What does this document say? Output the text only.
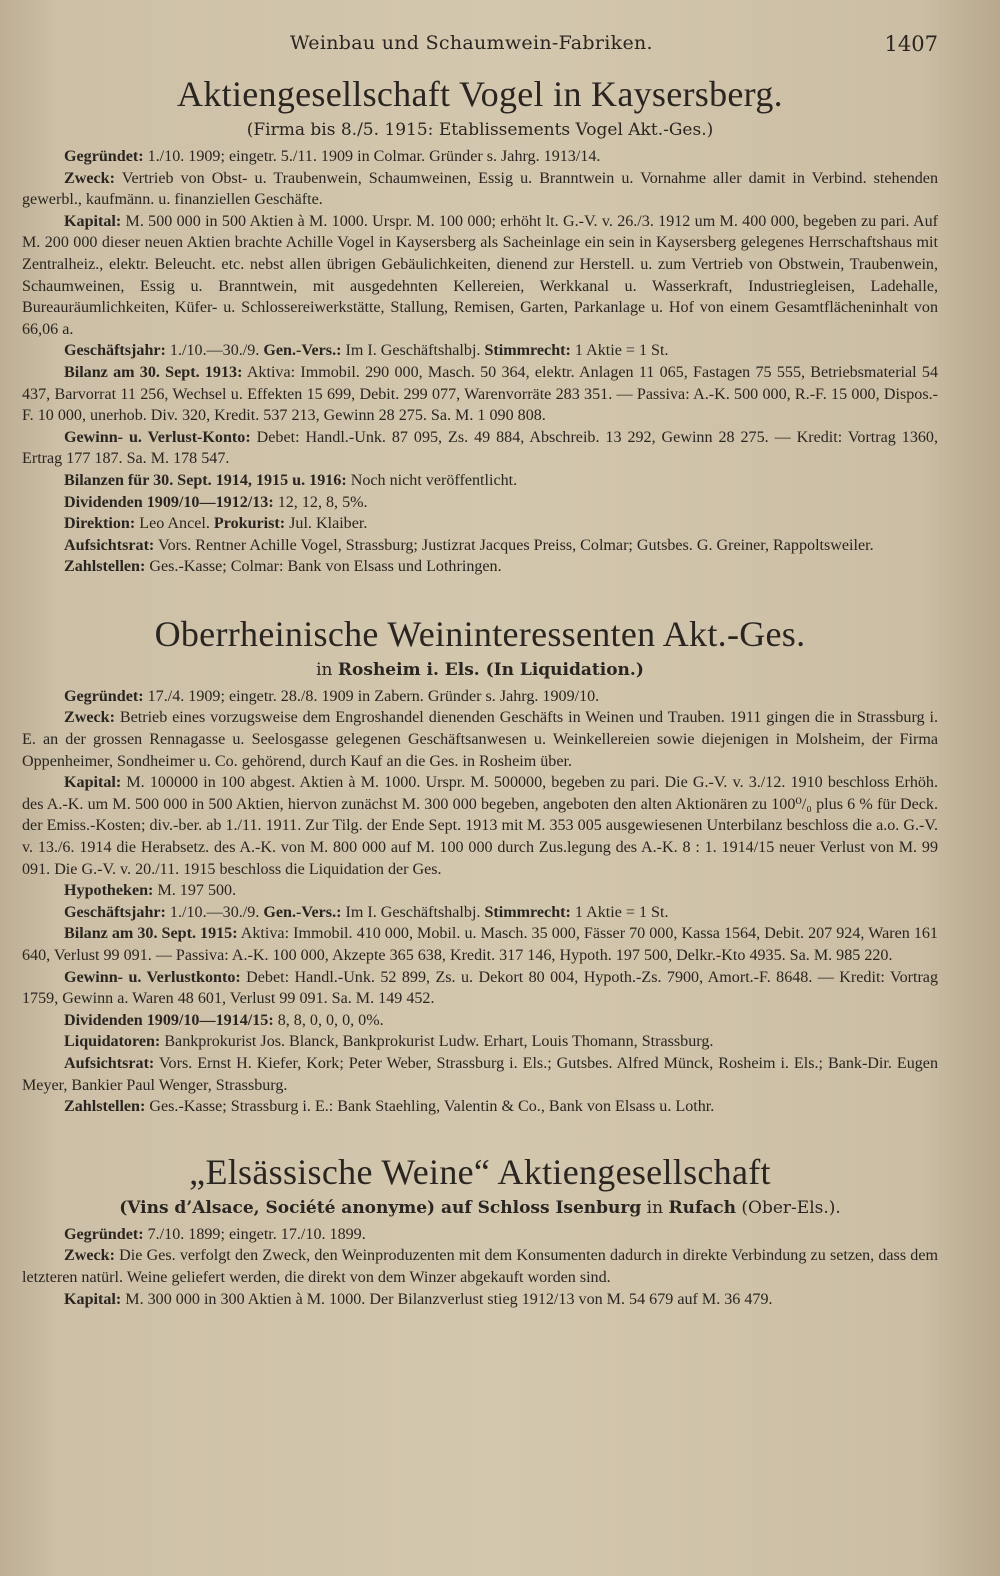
Weinbau und Schaumwein-Fabriken.	1407
Aktiengesellschaft Vogel in Kaysersberg.
(Firma bis 8./5. 1915: Etablissements Vogel Akt.-Ges.)

Gegründet: 1./10. 1909; eingetr. 5./11. 1909 in Colmar. Gründer s. Jahrg. 1913/14.

Zweck: Vertrieb von Obst- u. Traubenwein, Schaumweinen, Essig u. Branntwein u. Vornahme aller damit in Verbind. stehenden gewerbl., kaufmänn. u. finanziellen Geschäfte.

Kapital: M. 500 000 in 500 Aktien à M. 1000. Urspr. M. 100 000; erhöht lt. G.-V. v. 26./3. 1912 um M. 400 000, begeben zu pari. Auf M. 200 000 dieser neuen Aktien brachte Achille Vogel in Kaysersberg als Sacheinlage ein sein in Kaysersberg gelegenes Herrschaftshaus mit Zentralheiz., elektr. Beleucht. etc. nebst allen übrigen Gebäulichkeiten, dienend zur Herstell. u. zum Vertrieb von Obstwein, Traubenwein, Schaumweinen, Essig u. Branntwein, mit ausgedehnten Kellereien, Werkkanal u. Wasserkraft, Industriegleisen, Ladehalle, Bureauräumlichkeiten, Küfer- u. Schlossereiwerkstätte, Stallung, Remisen, Garten, Parkanlage u. Hof von einem Gesamtflächeninhalt von 66,06 a.

Geschäftsjahr: 1./10.—30./9. Gen.-Vers.: Im I. Geschäftshalbj. Stimmrecht: 1 Aktie = 1 St.

Bilanz am 30. Sept. 1913: Aktiva: Immobil. 290 000, Masch. 50 364, elektr. Anlagen 11 065, Fastagen 75 555, Betriebsmaterial 54 437, Barvorrat 11 256, Wechsel u. Effekten 15 699, Debit. 299 077, Warenvorräte 283 351. — Passiva: A.-K. 500 000, R.-F. 15 000, Dispos.-F. 10 000, unerhob. Div. 320, Kredit. 537 213, Gewinn 28 275. Sa. M. 1 090 808.

Gewinn- u. Verlust-Konto: Debet: Handl.-Unk. 87 095, Zs. 49 884, Abschreib. 13 292, Gewinn 28 275. — Kredit: Vortrag 1360, Ertrag 177 187. Sa. M. 178 547.

Bilanzen für 30. Sept. 1914, 1915 u. 1916: Noch nicht veröffentlicht.

Dividenden 1909/10—1912/13: 12, 12, 8, 5%.

Direktion: Leo Ancel. Prokurist: Jul. Klaiber.

Aufsichtsrat: Vors. Rentner Achille Vogel, Strassburg; Justizrat Jacques Preiss, Colmar; Gutsbes. G. Greiner, Rappoltsweiler.

Zahlstellen: Ges.-Kasse; Colmar: Bank von Elsass und Lothringen.

Oberrheinische Weininteressenten Akt.-Ges.
in Rosheim i. Els. (In Liquidation.)

Gegründet: 17./4. 1909; eingetr. 28./8. 1909 in Zabern. Gründer s. Jahrg. 1909/10.

Zweck: Betrieb eines vorzugsweise dem Engroshandel dienenden Geschäfts in Weinen und Trauben. 1911 gingen die in Strassburg i. E. an der grossen Rennagasse u. Seelosgasse gelegenen Geschäftsanwesen u. Weinkellereien sowie diejenigen in Molsheim, der Firma Oppenheimer, Sondheimer u. Co. gehörend, durch Kauf an die Ges. in Rosheim über.

Kapital: M. 100000 in 100 abgest. Aktien à M. 1000. Urspr. M. 500000, begeben zu pari. Die G.-V. v. 3./12. 1910 beschloss Erhöh. des A.-K. um M. 500 000 in 500 Aktien, hiervon zunächst M. 300 000 begeben, angeboten den alten Aktionären zu 100⁰/₀ plus 6 % für Deck. der Emiss.-Kosten; div.-ber. ab 1./11. 1911. Zur Tilg. der Ende Sept. 1913 mit M. 353 005 ausgewiesenen Unterbilanz beschloss die a.o. G.-V. v. 13./6. 1914 die Herabsetz. des A.-K. von M. 800 000 auf M. 100 000 durch Zus.legung des A.-K. 8 : 1. 1914/15 neuer Verlust von M. 99 091. Die G.-V. v. 20./11. 1915 beschloss die Liquidation der Ges.

Hypotheken: M. 197 500.

Geschäftsjahr: 1./10.—30./9. Gen.-Vers.: Im I. Geschäftshalbj. Stimmrecht: 1 Aktie = 1 St.

Bilanz am 30. Sept. 1915: Aktiva: Immobil. 410 000, Mobil. u. Masch. 35 000, Fässer 70 000, Kassa 1564, Debit. 207 924, Waren 161 640, Verlust 99 091. — Passiva: A.-K. 100 000, Akzepte 365 638, Kredit. 317 146, Hypoth. 197 500, Delkr.-Kto 4935. Sa. M. 985 220.

Gewinn- u. Verlustkonto: Debet: Handl.-Unk. 52 899, Zs. u. Dekort 80 004, Hypoth.-Zs. 7900, Amort.-F. 8648. — Kredit: Vortrag 1759, Gewinn a. Waren 48 601, Verlust 99 091. Sa. M. 149 452.

Dividenden 1909/10—1914/15: 8, 8, 0, 0, 0, 0%.

Liquidatoren: Bankprokurist Jos. Blanck, Bankprokurist Ludw. Erhart, Louis Thomann, Strassburg.

Aufsichtsrat: Vors. Ernst H. Kiefer, Kork; Peter Weber, Strassburg i. Els.; Gutsbes. Alfred Münck, Rosheim i. Els.; Bank-Dir. Eugen Meyer, Bankier Paul Wenger, Strassburg.

Zahlstellen: Ges.-Kasse; Strassburg i. E.: Bank Staehling, Valentin & Co., Bank von Elsass u. Lothr.

„Elsässische Weine“ Aktiengesellschaft
(Vins d’Alsace, Société anonyme) auf Schloss Isenburg in Rufach (Ober-Els.).

Gegründet: 7./10. 1899; eingetr. 17./10. 1899.

Zweck: Die Ges. verfolgt den Zweck, den Weinproduzenten mit dem Konsumenten dadurch in direkte Verbindung zu setzen, dass dem letzteren natürl. Weine geliefert werden, die direkt von dem Winzer abgekauft worden sind.

Kapital: M. 300 000 in 300 Aktien à M. 1000. Der Bilanzverlust stieg 1912/13 von M. 54 679 auf M. 36 479.
